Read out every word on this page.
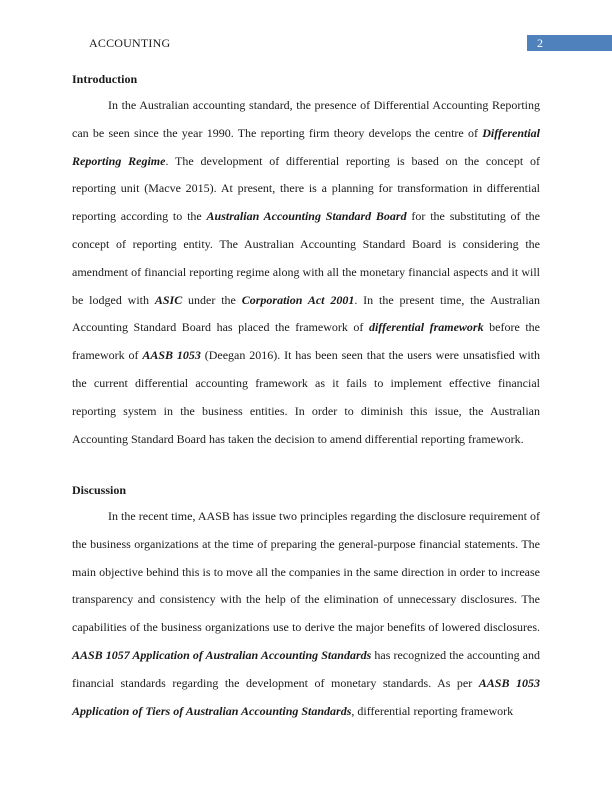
ACCOUNTING	2
Introduction

In the Australian accounting standard, the presence of Differential Accounting Reporting can be seen since the year 1990. The reporting firm theory develops the centre of Differential Reporting Regime. The development of differential reporting is based on the concept of reporting unit (Macve 2015). At present, there is a planning for transformation in differential reporting according to the Australian Accounting Standard Board for the substituting of the concept of reporting entity. The Australian Accounting Standard Board is considering the amendment of financial reporting regime along with all the monetary financial aspects and it will be lodged with ASIC under the Corporation Act 2001. In the present time, the Australian Accounting Standard Board has placed the framework of differential framework before the framework of AASB 1053 (Deegan 2016). It has been seen that the users were unsatisfied with the current differential accounting framework as it fails to implement effective financial reporting system in the business entities. In order to diminish this issue, the Australian Accounting Standard Board has taken the decision to amend differential reporting framework.

Discussion

In the recent time, AASB has issue two principles regarding the disclosure requirement of the business organizations at the time of preparing the general-purpose financial statements. The main objective behind this is to move all the companies in the same direction in order to increase transparency and consistency with the help of the elimination of unnecessary disclosures. The capabilities of the business organizations use to derive the major benefits of lowered disclosures. AASB 1057 Application of Australian Accounting Standards has recognized the accounting and financial standards regarding the development of monetary standards. As per AASB 1053 Application of Tiers of Australian Accounting Standards, differential reporting framework
